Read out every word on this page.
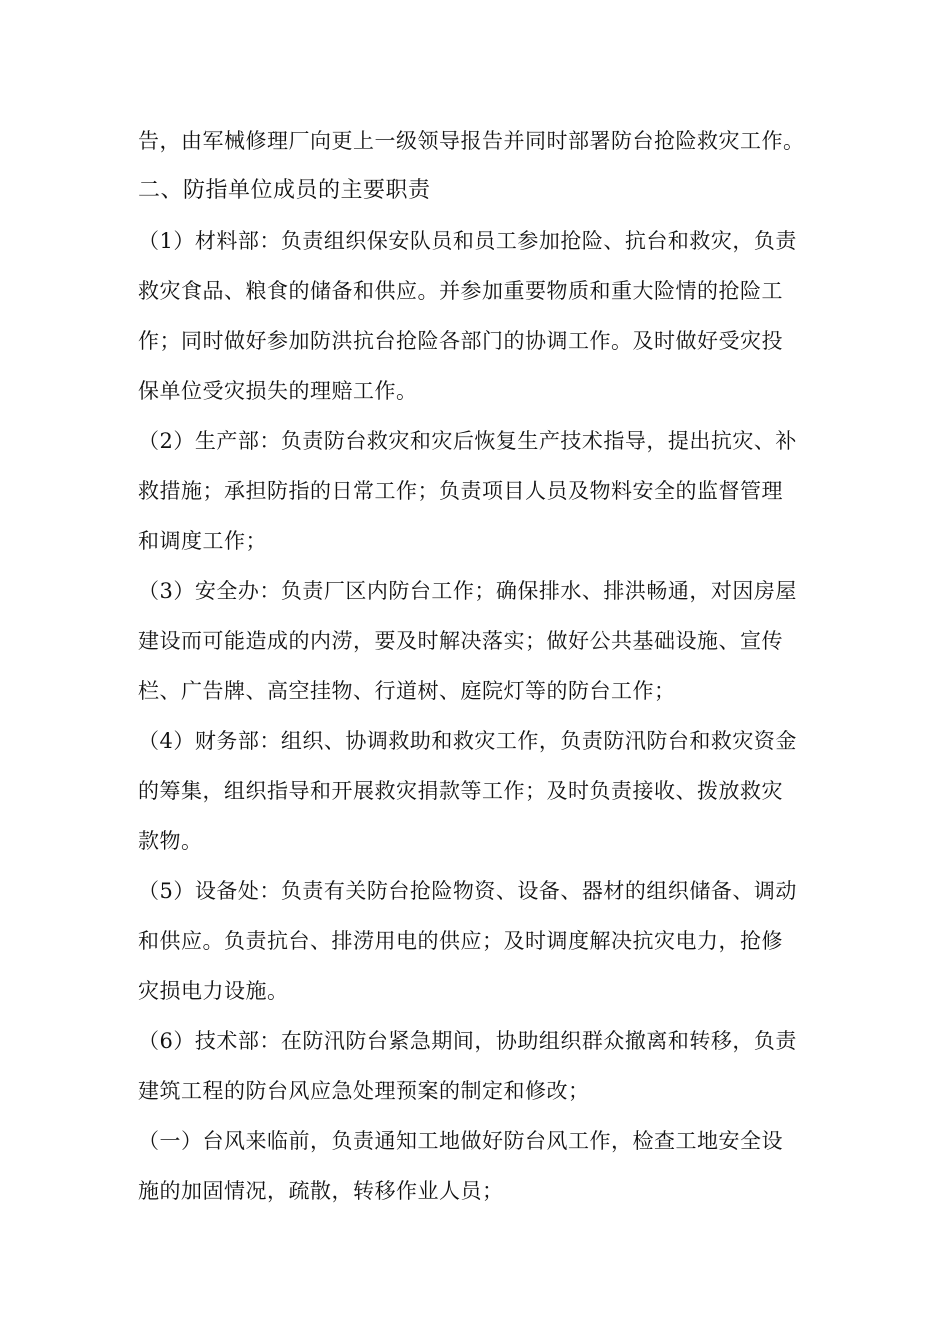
告，由军械修理厂向更上一级领导报告并同时部署防台抢险救灾工作。
二、防指单位成员的主要职责
（1）材料部：负责组织保安队员和员工参加抢险、抗台和救灾，负责
救灾食品、粮食的储备和供应。并参加重要物质和重大险情的抢险工
作；同时做好参加防洪抗台抢险各部门的协调工作。及时做好受灾投
保单位受灾损失的理赔工作。
（2）生产部：负责防台救灾和灾后恢复生产技术指导，提出抗灾、补
救措施；承担防指的日常工作；负责项目人员及物料安全的监督管理
和调度工作；
（3）安全办：负责厂区内防台工作；确保排水、排洪畅通，对因房屋
建设而可能造成的内涝，要及时解决落实；做好公共基础设施、宣传
栏、广告牌、高空挂物、行道树、庭院灯等的防台工作；
（4）财务部：组织、协调救助和救灾工作，负责防汛防台和救灾资金
的筹集，组织指导和开展救灾捐款等工作；及时负责接收、拨放救灾
款物。
（5）设备处：负责有关防台抢险物资、设备、器材的组织储备、调动
和供应。负责抗台、排涝用电的供应；及时调度解决抗灾电力，抢修
灾损电力设施。
（6）技术部：在防汛防台紧急期间，协助组织群众撤离和转移，负责
建筑工程的防台风应急处理预案的制定和修改；
（一）台风来临前，负责通知工地做好防台风工作，检查工地安全设
施的加固情况，疏散，转移作业人员；
